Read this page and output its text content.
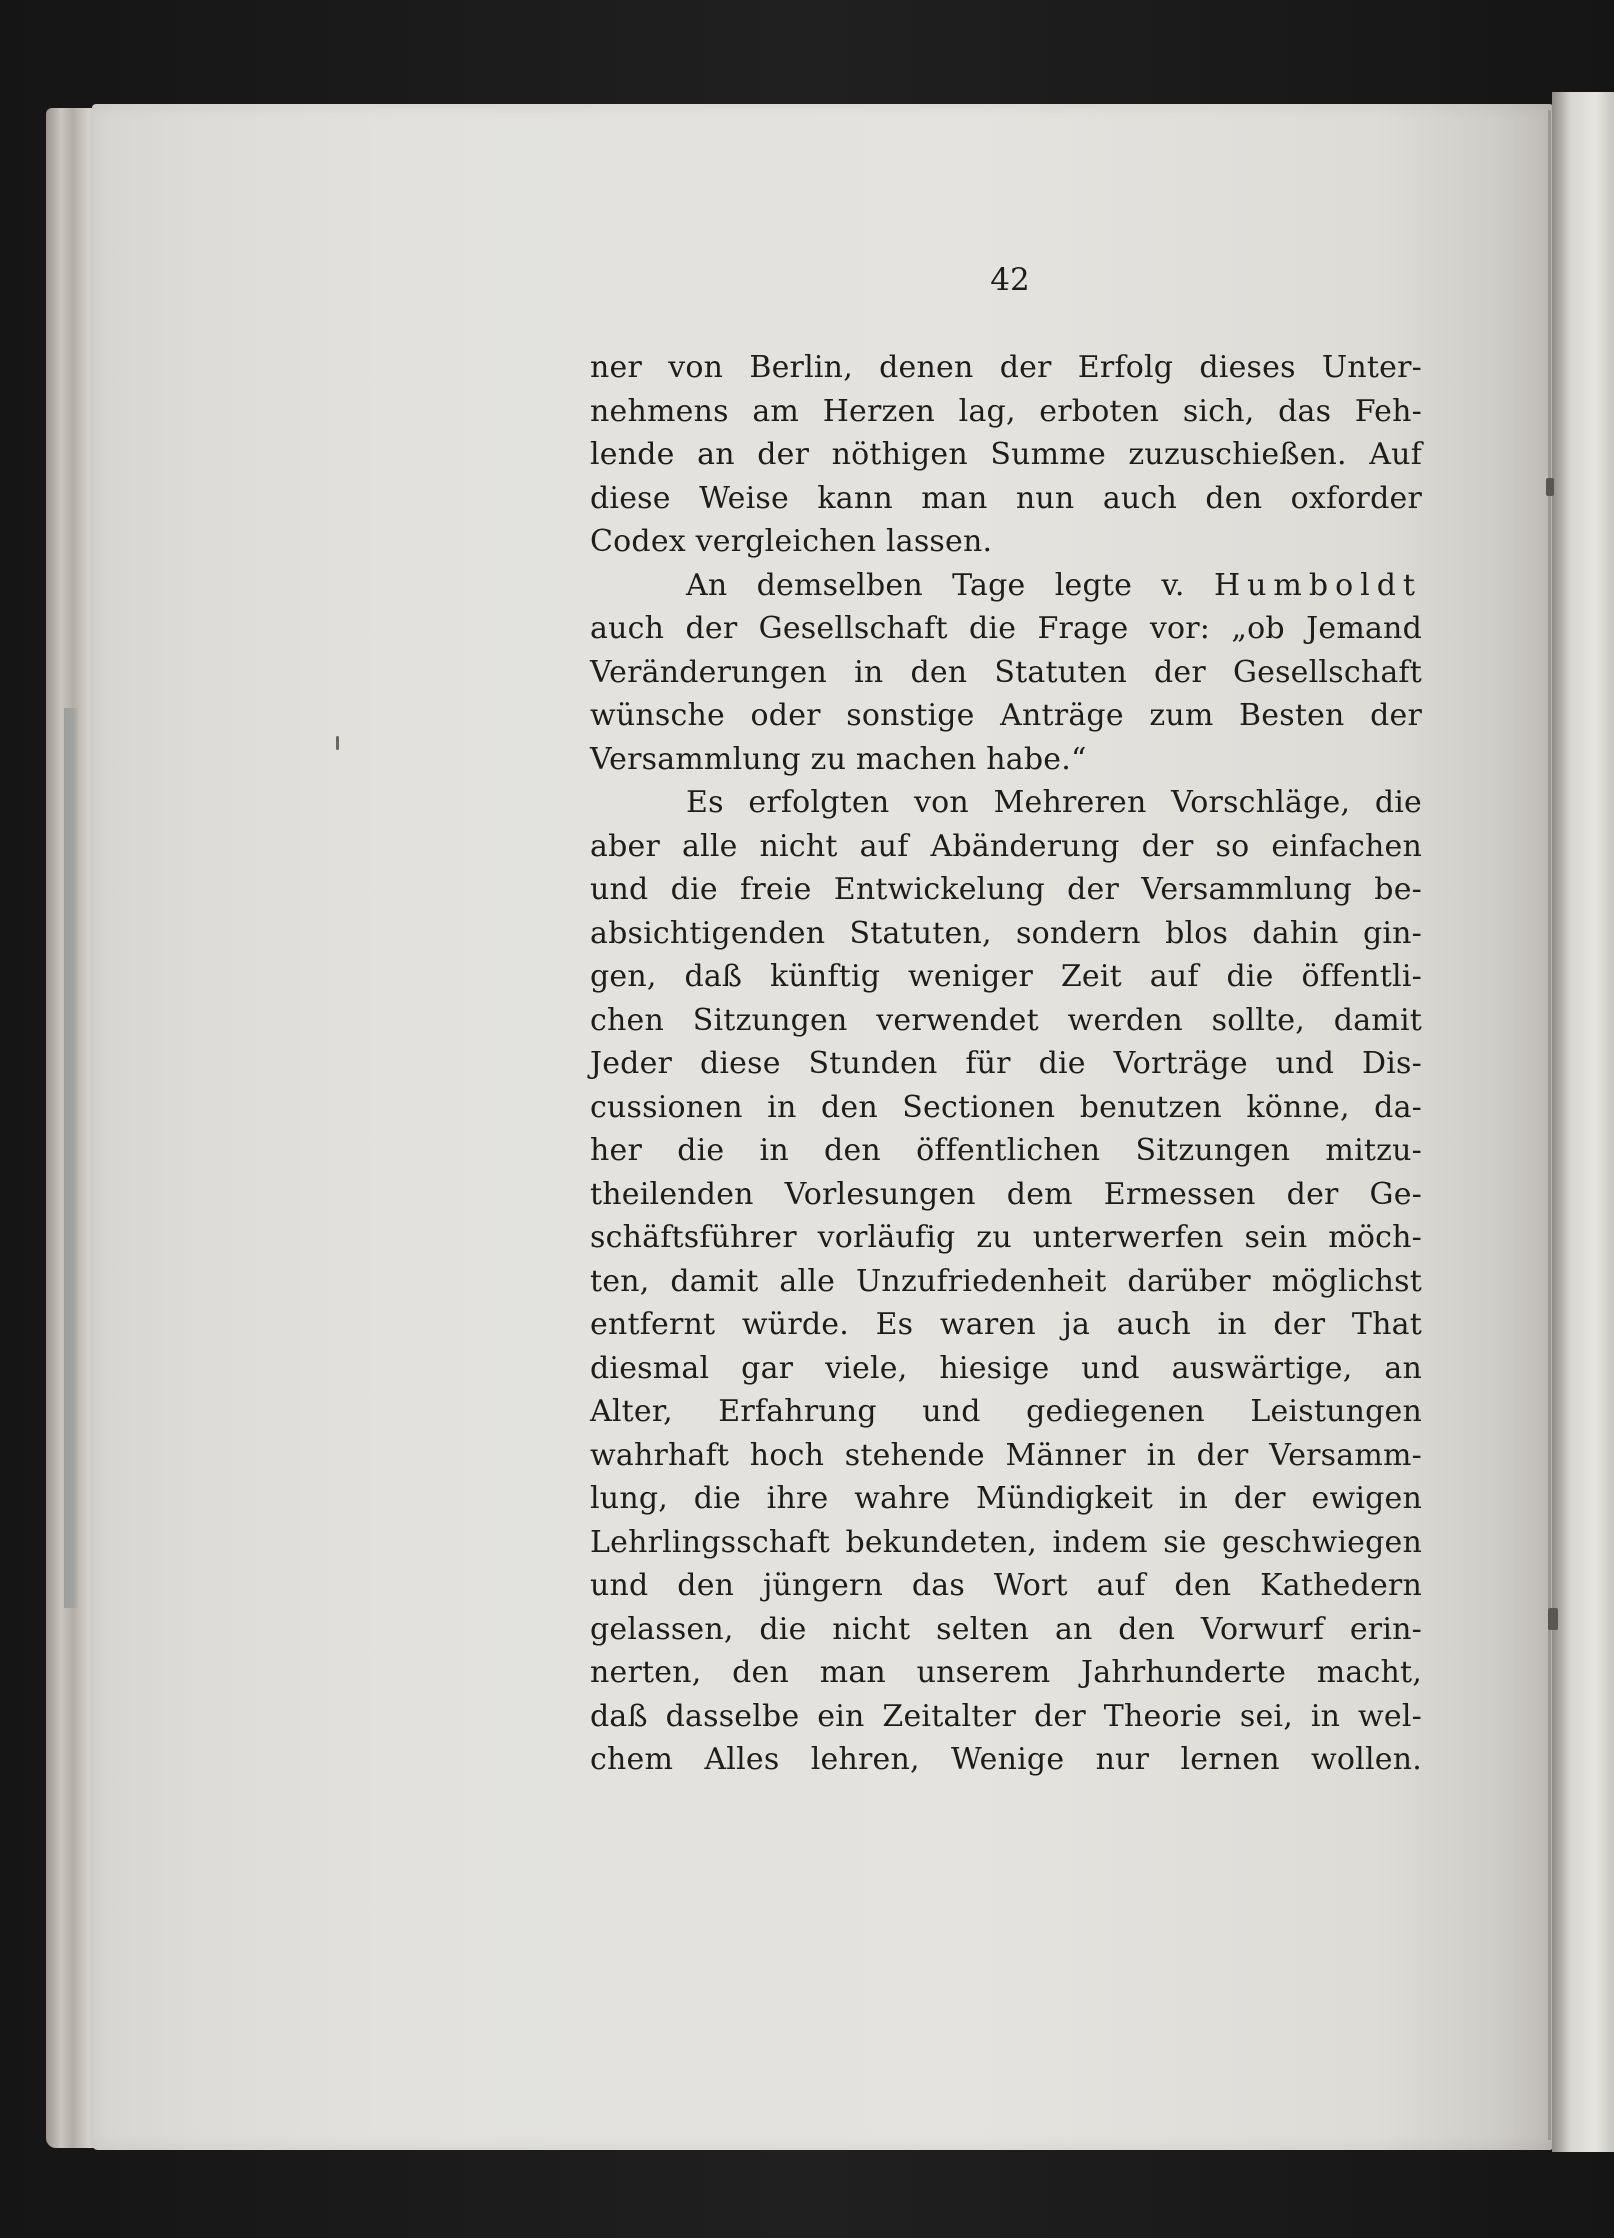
42
ner von Berlin, denen der Erfolg dieses Unter-
nehmens am Herzen lag, erboten sich, das Feh-
lende an der nöthigen Summe zuzuschießen. Auf
diese Weise kann man nun auch den oxforder
Codex vergleichen lassen.
An demselben Tage legte v. Humboldt
auch der Gesellschaft die Frage vor: „ob Jemand
Veränderungen in den Statuten der Gesellschaft
wünsche oder sonstige Anträge zum Besten der
Versammlung zu machen habe.“
Es erfolgten von Mehreren Vorschläge, die
aber alle nicht auf Abänderung der so einfachen
und die freie Entwickelung der Versammlung be-
absichtigenden Statuten, sondern blos dahin gin-
gen, daß künftig weniger Zeit auf die öffentli-
chen Sitzungen verwendet werden sollte, damit
Jeder diese Stunden für die Vorträge und Dis-
cussionen in den Sectionen benutzen könne, da-
her die in den öffentlichen Sitzungen mitzu-
theilenden Vorlesungen dem Ermessen der Ge-
schäftsführer vorläufig zu unterwerfen sein möch-
ten, damit alle Unzufriedenheit darüber möglichst
entfernt würde. Es waren ja auch in der That
diesmal gar viele, hiesige und auswärtige, an
Alter, Erfahrung und gediegenen Leistungen
wahrhaft hoch stehende Männer in der Versamm-
lung, die ihre wahre Mündigkeit in der ewigen
Lehrlingsschaft bekundeten, indem sie geschwiegen
und den jüngern das Wort auf den Kathedern
gelassen, die nicht selten an den Vorwurf erin-
nerten, den man unserem Jahrhunderte macht,
daß dasselbe ein Zeitalter der Theorie sei, in wel-
chem Alles lehren, Wenige nur lernen wollen.
